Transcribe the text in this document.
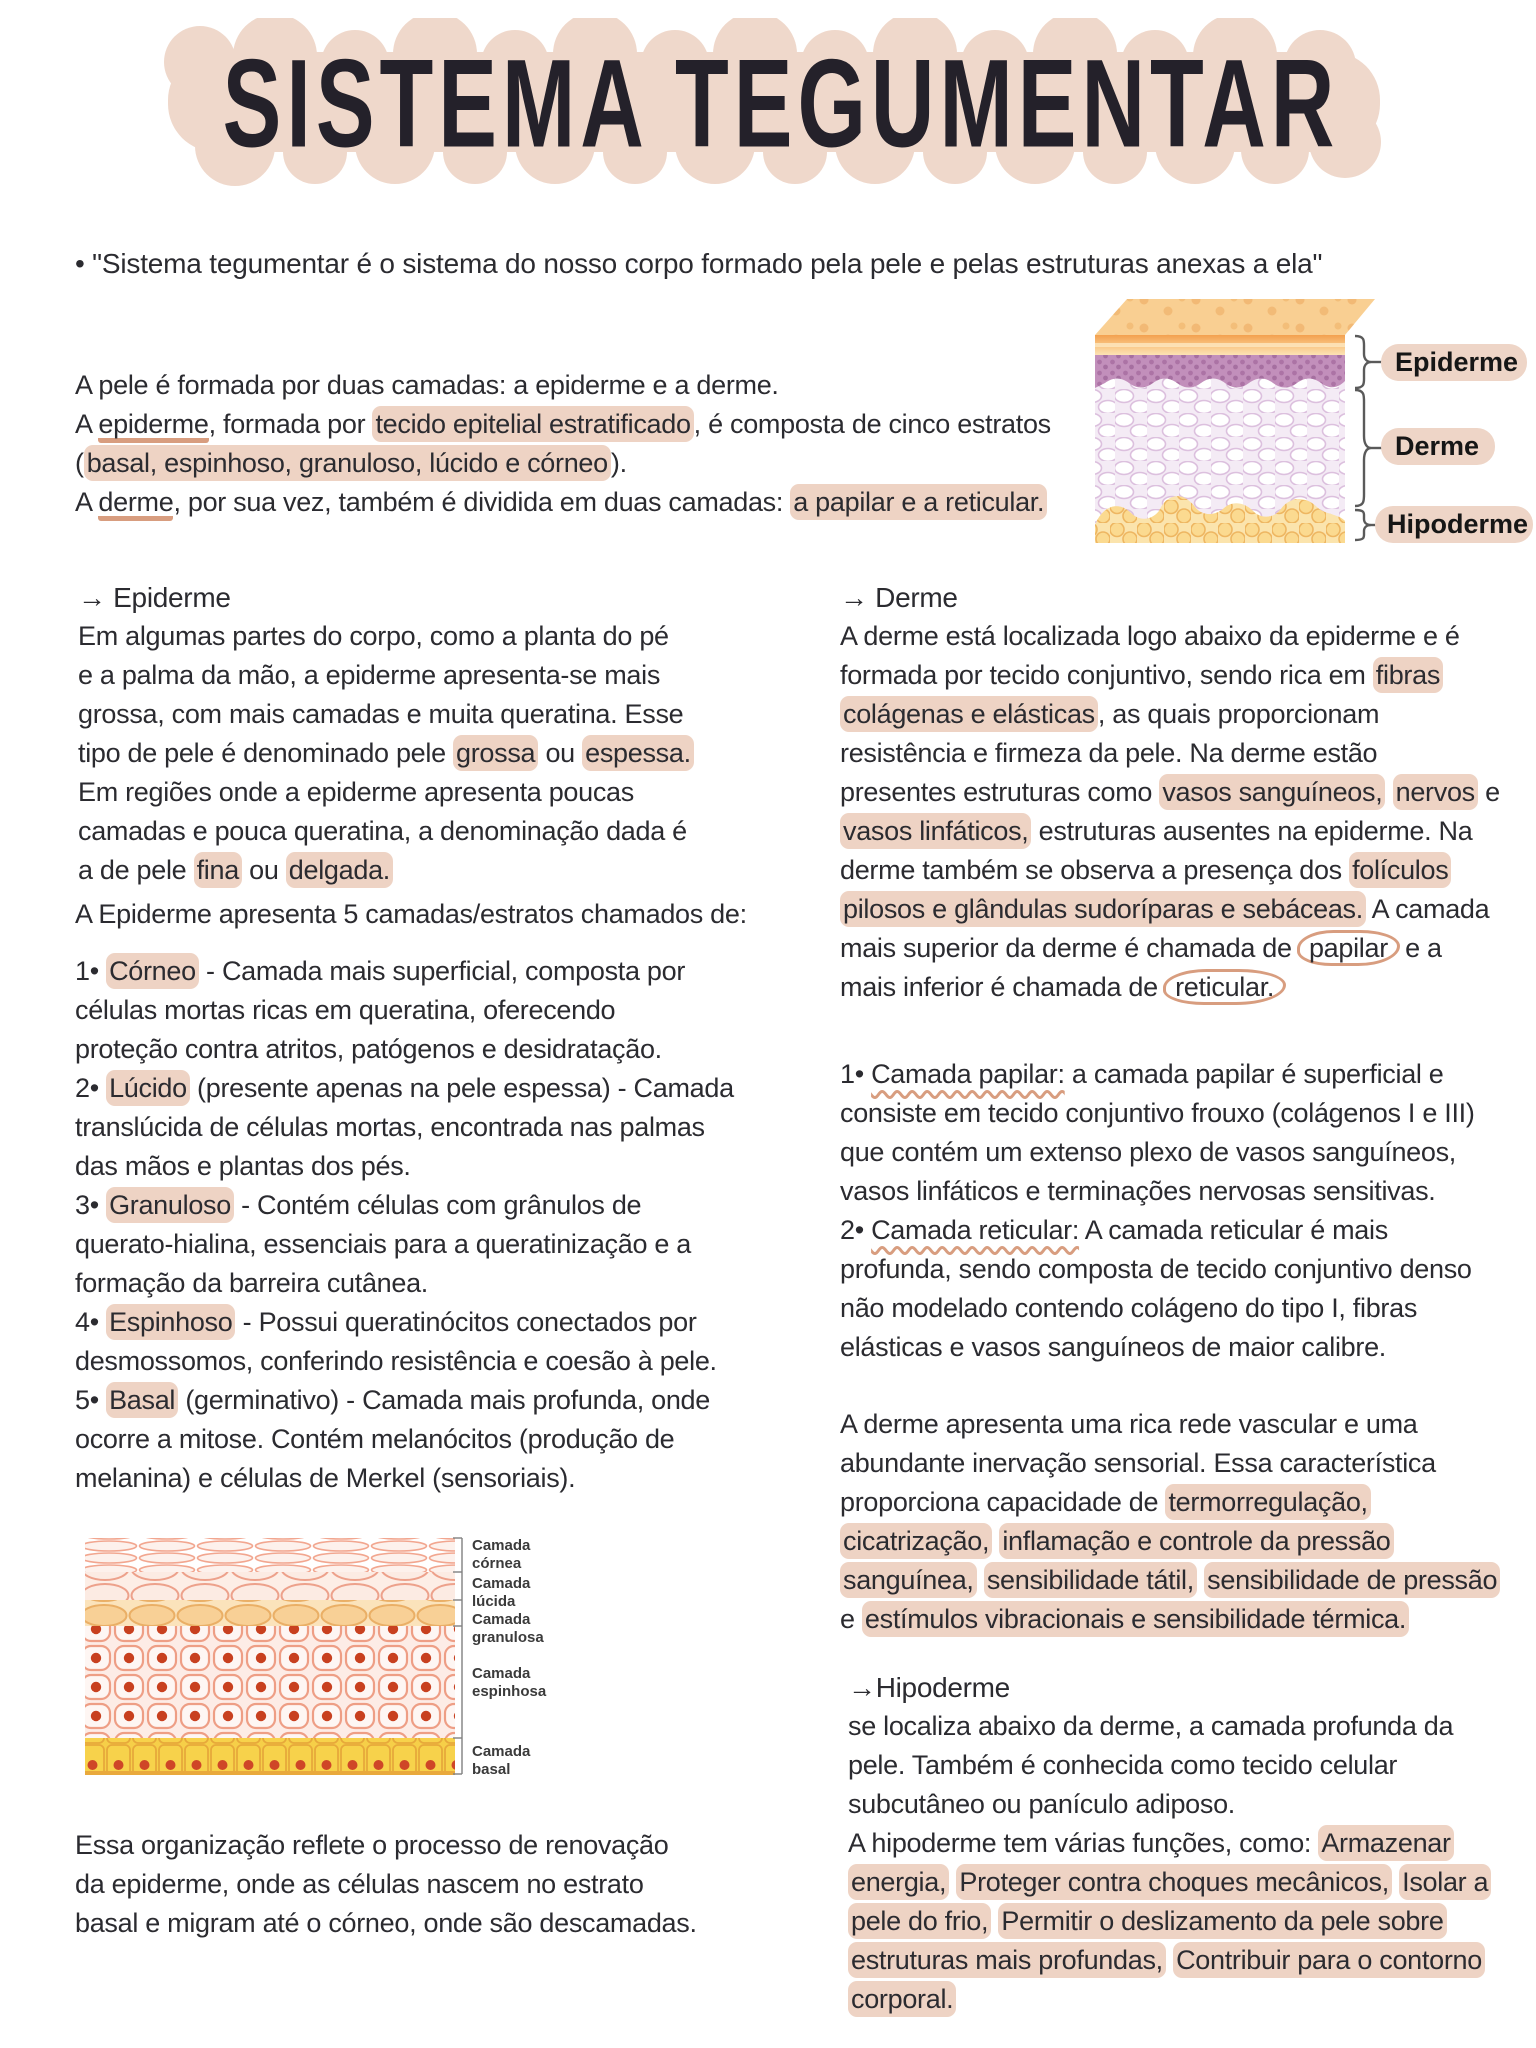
SISTEMA TEGUMENTAR
• "Sistema tegumentar é o sistema do nosso corpo formado pela pele e pelas estruturas anexas a ela"
A pele é formada por duas camadas: a epiderme e a derme.
A epiderme, formada por tecido epitelial estratificado , é composta de cinco estratos
( basal, espinhoso, granuloso, lúcido e córneo ).
A derme, por sua vez, também é dividida em duas camadas: a papilar e a reticular.
Epiderme
Derme
Hipoderme
→ Epiderme
Em algumas partes do corpo, como a planta do pé
e a palma da mão, a epiderme apresenta-se mais
grossa, com mais camadas e muita queratina. Esse
tipo de pele é denominado pele grossa ou espessa.
Em regiões onde a epiderme apresenta poucas
camadas e pouca queratina, a denominação dada é
a de pele fina ou delgada.
A Epiderme apresenta 5 camadas/estratos chamados de:
1• Córneo - Camada mais superficial, composta por
células mortas ricas em queratina, oferecendo
proteção contra atritos, patógenos e desidratação.
2• Lúcido (presente apenas na pele espessa) - Camada
translúcida de células mortas, encontrada nas palmas
das mãos e plantas dos pés.
3• Granuloso - Contém células com grânulos de
querato-hialina, essenciais para a queratinização e a
formação da barreira cutânea.
4• Espinhoso - Possui queratinócitos conectados por
desmossomos, conferindo resistência e coesão à pele.
5• Basal (germinativo) - Camada mais profunda, onde
ocorre a mitose. Contém melanócitos (produção de
melanina) e células de Merkel (sensoriais).
Camada
córnea
Camada
lúcida
Camada
granulosa
Camada
espinhosa
Camada
basal
Essa organização reflete o processo de renovação
da epiderme, onde as células nascem no estrato
basal e migram até o córneo, onde são descamadas.
→ Derme
A derme está localizada logo abaixo da epiderme e é
formada por tecido conjuntivo, sendo rica em fibras
colágenas e elásticas , as quais proporcionam
resistência e firmeza da pele. Na derme estão
presentes estruturas como vasos sanguíneos, nervos e
vasos linfáticos, estruturas ausentes na epiderme. Na
derme também se observa a presença dos folículos
pilosos e glândulas sudoríparas e sebáceas. A camada
mais superior da derme é chamada de papilar e a
mais inferior é chamada de reticular.
1• Camada papilar: a camada papilar é superficial e
consiste em tecido conjuntivo frouxo (colágenos I e III)
que contém um extenso plexo de vasos sanguíneos,
vasos linfáticos e terminações nervosas sensitivas.
2• Camada reticular: A camada reticular é mais
profunda, sendo composta de tecido conjuntivo denso
não modelado contendo colágeno do tipo I, fibras
elásticas e vasos sanguíneos de maior calibre.
A derme apresenta uma rica rede vascular e uma
abundante inervação sensorial. Essa característica
proporciona capacidade de termorregulação,
cicatrização, inflamação e controle da pressão
sanguínea, sensibilidade tátil, sensibilidade de pressão
e estímulos vibracionais e sensibilidade térmica.
→Hipoderme
se localiza abaixo da derme, a camada profunda da
pele. Também é conhecida como tecido celular
subcutâneo ou panículo adiposo.
A hipoderme tem várias funções, como: Armazenar
energia, Proteger contra choques mecânicos, Isolar a
pele do frio, Permitir o deslizamento da pele sobre
estruturas mais profundas, Contribuir para o contorno
corporal.
